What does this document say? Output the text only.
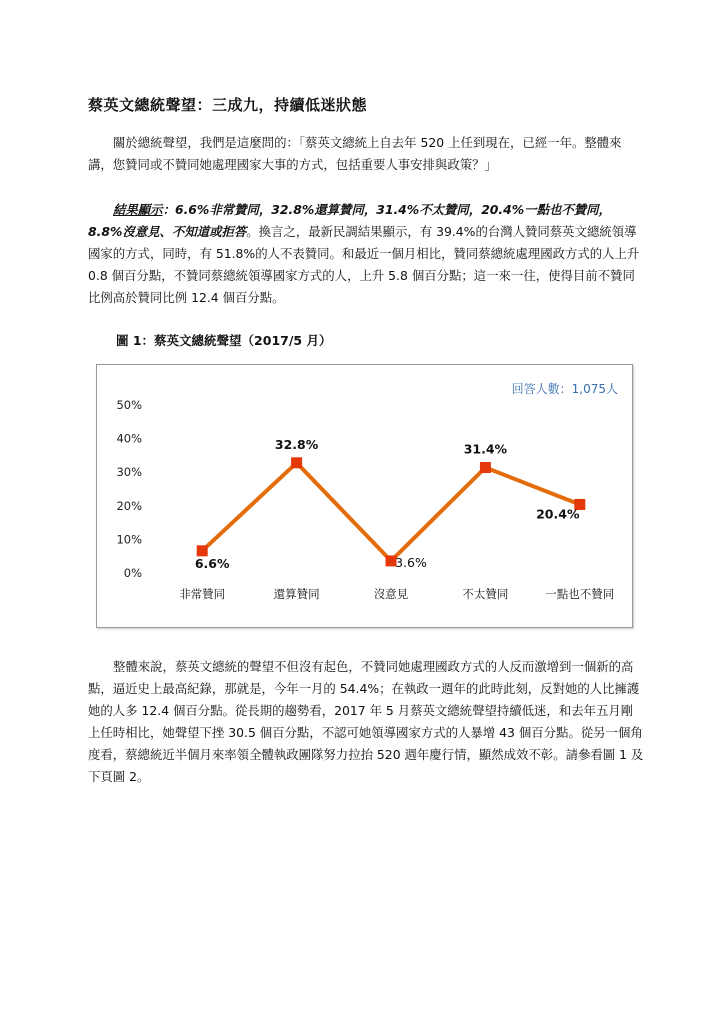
蔡英文總統聲望：三成九，持續低迷狀態

關於總統聲望，我們是這麼問的：「蔡英文總統上自去年 520 上任到現在，已經一年。整體來講，您贊同或不贊同她處理國家大事的方式，包括重要人事安排與政策？」

結果顯示：6.6%非常贊同，32.8%還算贊同，31.4%不太贊同，20.4%一點也不贊同，8.8%沒意見、不知道或拒答。換言之，最新民調結果顯示，有 39.4%的台灣人贊同蔡英文總統領導國家的方式，同時，有 51.8%的人不表贊同。和最近一個月相比，贊同蔡總統處理國政方式的人上升 0.8 個百分點，不贊同蔡總統領導國家方式的人，上升 5.8 個百分點；這一來一往，使得目前不贊同比例高於贊同比例 12.4 個百分點。

圖 1：蔡英文總統聲望（2017/5 月）
0%
10%
20%
30%
40%
50%
非常贊同	還算贊同	沒意見	不太贊同	一點也不贊同
6.6%
32.8%
3.6%
31.4%
20.4%
回答人數：1,075人

整體來說，蔡英文總統的聲望不但沒有起色，不贊同她處理國政方式的人反而激增到一個新的高點，逼近史上最高紀錄，那就是，今年一月的 54.4%；在執政一週年的此時此刻，反對她的人比擁護她的人多 12.4 個百分點。從長期的趨勢看，2017 年 5 月蔡英文總統聲望持續低迷，和去年五月剛上任時相比，她聲望下挫 30.5 個百分點，不認可她領導國家方式的人暴增 43 個百分點。從另一個角度看，蔡總統近半個月來率領全體執政團隊努力拉抬 520 週年慶行情，顯然成效不彰。請參看圖 1 及下頁圖 2。
